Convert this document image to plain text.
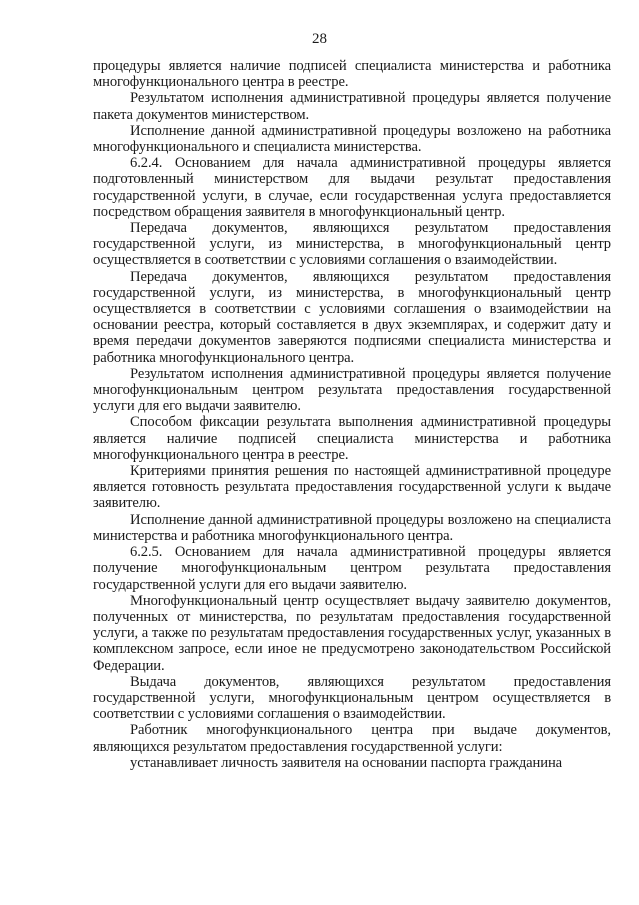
28

процедуры является наличие подписей специалиста министерства и работника многофункционального центра в реестре.

Результатом исполнения административной процедуры является получение пакета документов министерством.

Исполнение данной административной процедуры возложено на работника многофункционального и специалиста министерства.

6.2.4. Основанием для начала административной процедуры является подготовленный министерством для выдачи результат предоставления государственной услуги, в случае, если государственная услуга предоставляется посредством обращения заявителя в многофункциональный центр.

Передача документов, являющихся результатом предоставления государственной услуги, из министерства, в многофункциональный центр осуществляется в соответствии с условиями соглашения о взаимодействии.

Передача документов, являющихся результатом предоставления государственной услуги, из министерства, в многофункциональный центр осуществляется в соответствии с условиями соглашения о взаимодействии на основании реестра, который составляется в двух экземплярах, и содержит дату и время передачи документов заверяются подписями специалиста министерства и работника многофункционального центра.

Результатом исполнения административной процедуры является получение многофункциональным центром результата предоставления государственной услуги для его выдачи заявителю.

Способом фиксации результата выполнения административной процедуры является наличие подписей специалиста министерства и работника многофункционального центра в реестре.

Критериями принятия решения по настоящей административной процедуре является готовность результата предоставления государственной услуги к выдаче заявителю.

Исполнение данной административной процедуры возложено на специалиста министерства и работника многофункционального центра.

6.2.5. Основанием для начала административной процедуры является получение многофункциональным центром результата предоставления государственной услуги для его выдачи заявителю.

Многофункциональный центр осуществляет выдачу заявителю документов, полученных от министерства, по результатам предоставления государственной услуги, а также по результатам предоставления государственных услуг, указанных в комплексном запросе, если иное не предусмотрено законодательством Российской Федерации.

Выдача документов, являющихся результатом предоставления государственной услуги, многофункциональным центром осуществляется в соответствии с условиями соглашения о взаимодействии.

Работник многофункционального центра при выдаче документов, являющихся результатом предоставления государственной услуги:

устанавливает личность заявителя на основании паспорта гражданина
